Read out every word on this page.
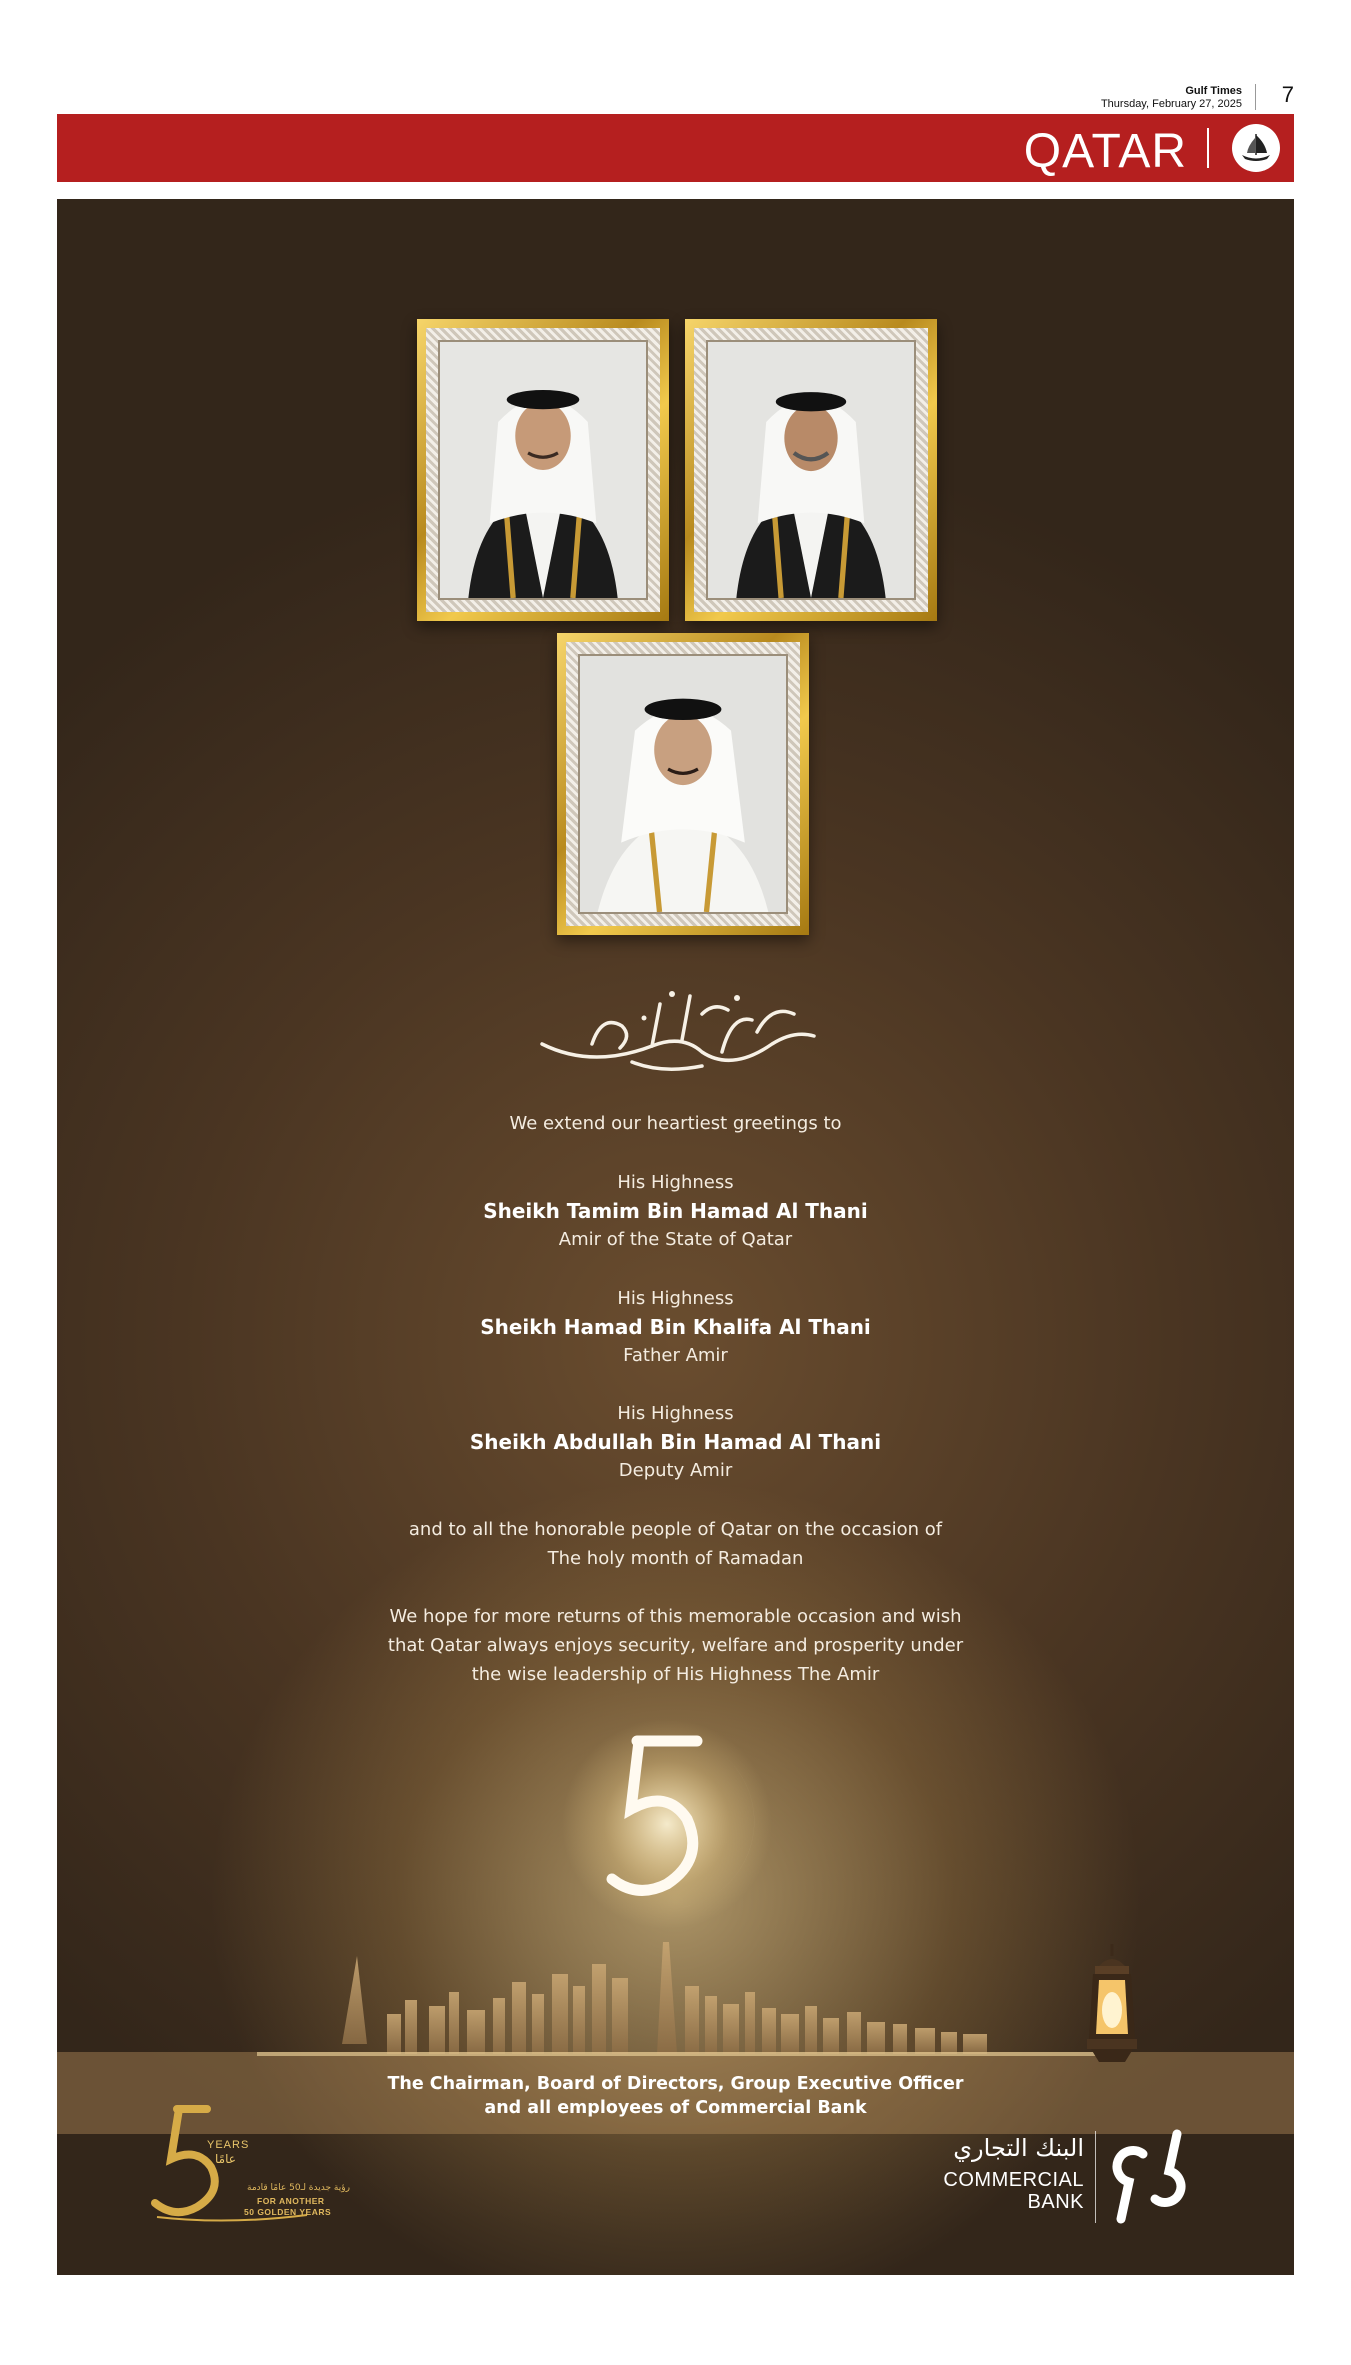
Gulf Times
Thursday, February 27, 2025 7
QATAR
We extend our heartiest greetings to
His Highness
Sheikh Tamim Bin Hamad Al Thani
Amir of the State of Qatar
His Highness
Sheikh Hamad Bin Khalifa Al Thani
Father Amir
His Highness
Sheikh Abdullah Bin Hamad Al Thani
Deputy Amir
and to all the honorable people of Qatar on the occasion of
The holy month of Ramadan
We hope for more returns of this memorable occasion and wish
that Qatar always enjoys security, welfare and prosperity under
the wise leadership of His Highness The Amir
The Chairman, Board of Directors, Group Executive Officer
and all employees of Commercial Bank
YEARS
عامًا
رؤية جديدة لـ50 عامًا قادمة
FOR ANOTHER
50 GOLDEN YEARS
البنك التجاري
COMMERCIAL
BANK
